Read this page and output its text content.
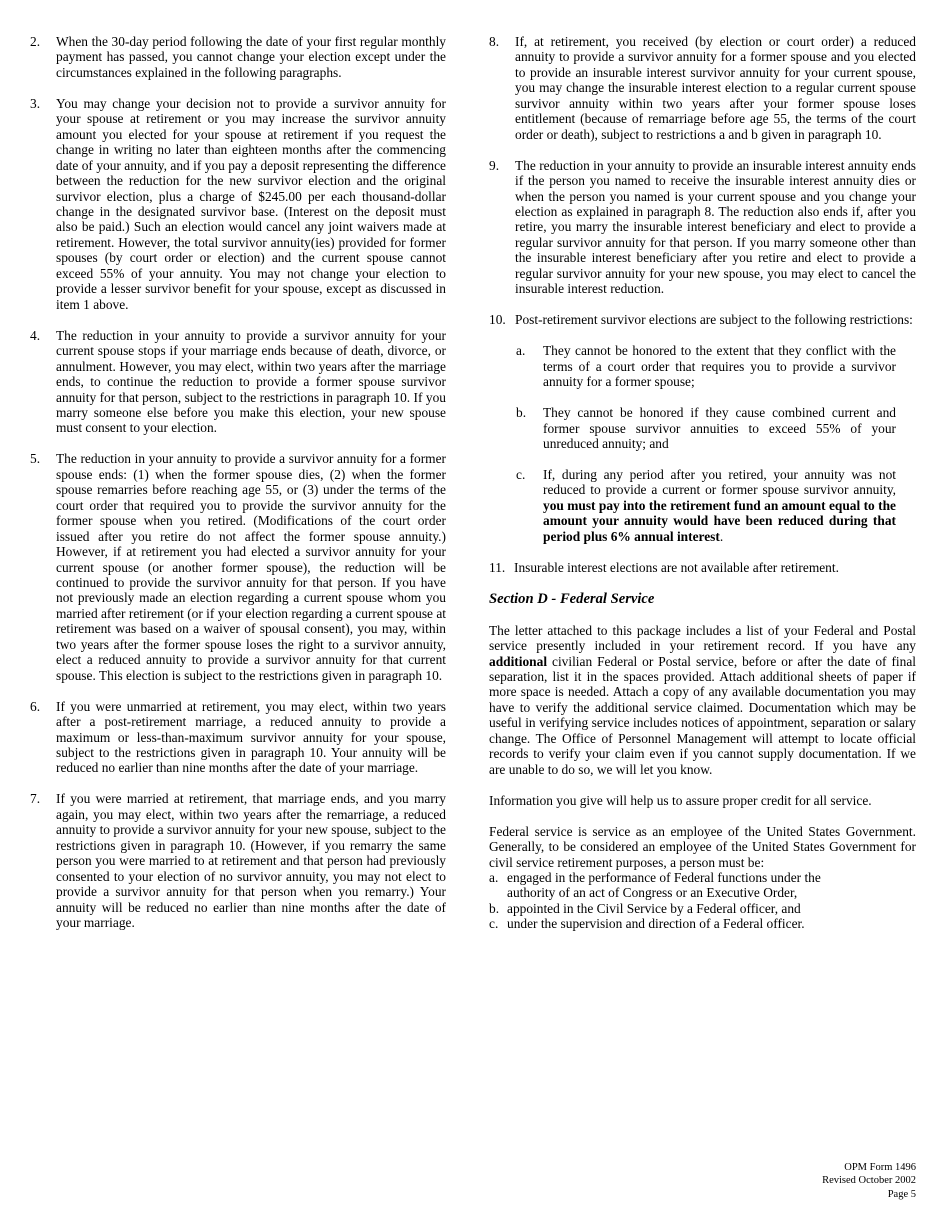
2.	When the 30-day period following the date of your first regular monthly payment has passed, you cannot change your election except under the circumstances explained in the following paragraphs.
3.	You may change your decision not to provide a survivor annuity for your spouse at retirement or you may increase the survivor annuity amount you elected for your spouse at retirement if you request the change in writing no later than eighteen months after the commencing date of your annuity, and if you pay a deposit representing the difference between the reduction for the new survivor election and the original survivor election, plus a charge of $245.00 per each thousand-dollar change in the designated survivor base. (Interest on the deposit must also be paid.) Such an election would cancel any joint waivers made at retirement. However, the total survivor annuity(ies) provided for former spouses (by court order or election) and the current spouse cannot exceed 55% of your annuity. You may not change your election to provide a lesser survivor benefit for your spouse, except as discussed in item 1 above.
4.	The reduction in your annuity to provide a survivor annuity for your current spouse stops if your marriage ends because of death, divorce, or annulment. However, you may elect, within two years after the marriage ends, to continue the reduction to provide a former spouse survivor annuity for that person, subject to the restrictions in paragraph 10. If you marry someone else before you make this election, your new spouse must consent to your election.
5.	The reduction in your annuity to provide a survivor annuity for a former spouse ends: (1) when the former spouse dies, (2) when the former spouse remarries before reaching age 55, or (3) under the terms of the court order that required you to provide the survivor annuity for the former spouse when you retired. (Modifications of the court order issued after you retire do not affect the former spouse annuity.) However, if at retirement you had elected a survivor annuity for your current spouse (or another former spouse), the reduction will be continued to provide the survivor annuity for that person. If you have not previously made an election regarding a current spouse whom you married after retirement (or if your election regarding a current spouse at retirement was based on a waiver of spousal consent), you may, within two years after the former spouse loses the right to a survivor annuity, elect a reduced annuity to provide a survivor annuity for that current spouse. This election is subject to the restrictions given in paragraph 10.
6.	If you were unmarried at retirement, you may elect, within two years after a post-retirement marriage, a reduced annuity to provide a maximum or less-than-maximum survivor annuity for your spouse, subject to the restrictions given in paragraph 10. Your annuity will be reduced no earlier than nine months after the date of your marriage.
7.	If you were married at retirement, that marriage ends, and you marry again, you may elect, within two years after the remarriage, a reduced annuity to provide a survivor annuity for your new spouse, subject to the restrictions given in paragraph 10. (However, if you remarry the same person you were married to at retirement and that person had previously consented to your election of no survivor annuity, you may not elect to provide a survivor annuity for that person when you remarry.) Your annuity will be reduced no earlier than nine months after the date of your marriage.
8.	If, at retirement, you received (by election or court order) a reduced annuity to provide a survivor annuity for a former spouse and you elected to provide an insurable interest survivor annuity for your current spouse, you may change the insurable interest election to a regular current spouse survivor annuity within two years after your former spouse loses entitlement (because of remarriage before age 55, the terms of the court order or death), subject to restrictions a and b given in paragraph 10.
9.	The reduction in your annuity to provide an insurable interest annuity ends if the person you named to receive the insurable interest annuity dies or when the person you named is your current spouse and you change your election as explained in paragraph 8. The reduction also ends if, after you retire, you marry the insurable interest beneficiary and elect to provide a regular survivor annuity for that person. If you marry someone other than the insurable interest beneficiary after you retire and elect to provide a regular survivor annuity for your new spouse, you may elect to cancel the insurable interest reduction.
10. Post-retirement survivor elections are subject to the following restrictions:
a.	They cannot be honored to the extent that they conflict with the terms of a court order that requires you to provide a survivor annuity for a former spouse;
b.	They cannot be honored if they cause combined current and former spouse survivor annuities to exceed 55% of your unreduced annuity; and
c.	If, during any period after you retired, your annuity was not reduced to provide a current or former spouse survivor annuity, you must pay into the retirement fund an amount equal to the amount your annuity would have been reduced during that period plus 6% annual interest.
11. Insurable interest elections are not available after retirement.
Section D - Federal Service

The letter attached to this package includes a list of your Federal and Postal service presently included in your retirement record. If you have any additional civilian Federal or Postal service, before or after the date of final separation, list it in the spaces provided. Attach additional sheets of paper if more space is needed. Attach a copy of any available documentation you may have to verify the additional service claimed. Documentation which may be useful in verifying service includes notices of appointment, separation or salary change. The Office of Personnel Management will attempt to locate official records to verify your claim even if you cannot supply documentation. If we are unable to do so, we will let you know.

Information you give will help us to assure proper credit for all service.

Federal service is service as an employee of the United States Government. Generally, to be considered an employee of the United States Government for civil service retirement purposes, a person must be:

a. engaged in the performance of Federal functions under the
authority of an act of Congress or an Executive Order,
b. appointed in the Civil Service by a Federal officer, and
c. under the supervision and direction of a Federal officer.
OPM Form 1496
Revised October 2002
Page 5
